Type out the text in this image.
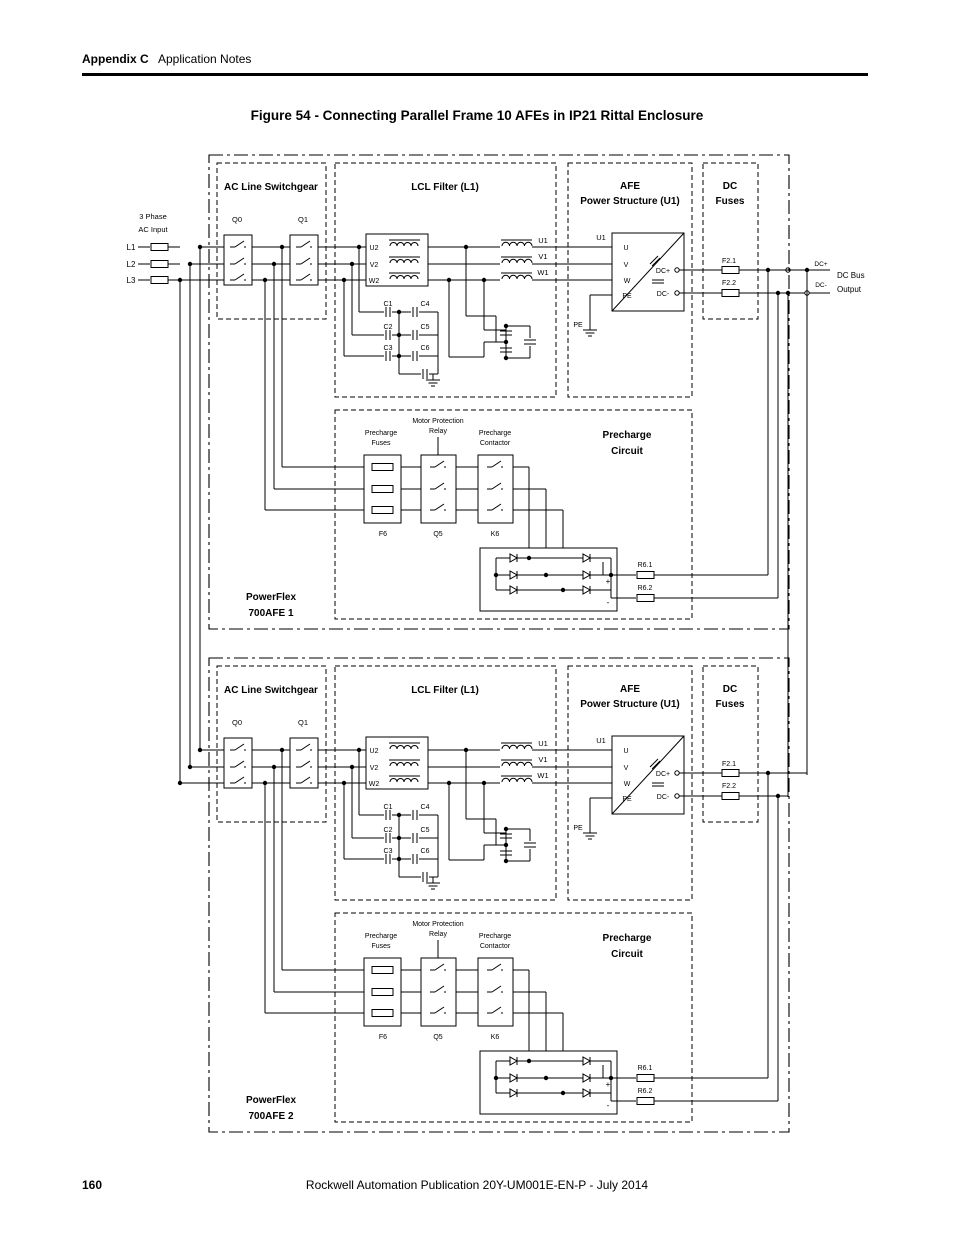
Appendix C Application Notes
Figure 54 - Connecting Parallel Frame 10 AFEs in IP21 Rittal Enclosure
3 Phase
AC Input
L1
L2
L3
DC Bus
Output
DC+
DC-
AC Line Switchgear	LCL Filter (L1)	AFE
Power Structure (U1)
DC
Fuses
Precharge
Circuit
PowerFlex
700AFE 1
Q0	Q1
U2
V2
W2
U1
V1
W1
C1	C4
C2	C5
C3	C6
U1
U
V
W
PE
DC+
DC-
PE
F2.1
F2.2
Precharge
Fuses
Motor Protection
Relay	Precharge
Contactor
F6	Q5	K6
+
-
R6.1
R6.2
AC Line Switchgear	LCL Filter (L1)	AFE
Power Structure (U1)
DC
Fuses
Precharge
Circuit
PowerFlex
700AFE 2
Q0	Q1
U2
V2
W2
U1
V1
W1
C1	C4
C2	C5
C3	C6
U1
U
V
W
PE
DC+
DC-
PE
F2.1
F2.2
Precharge
Fuses
Motor Protection
Relay	Precharge
Contactor
F6	Q5	K6
+
-
R6.1
R6.2
160	Rockwell Automation Publication 20Y-UM001E-EN-P - July 2014
